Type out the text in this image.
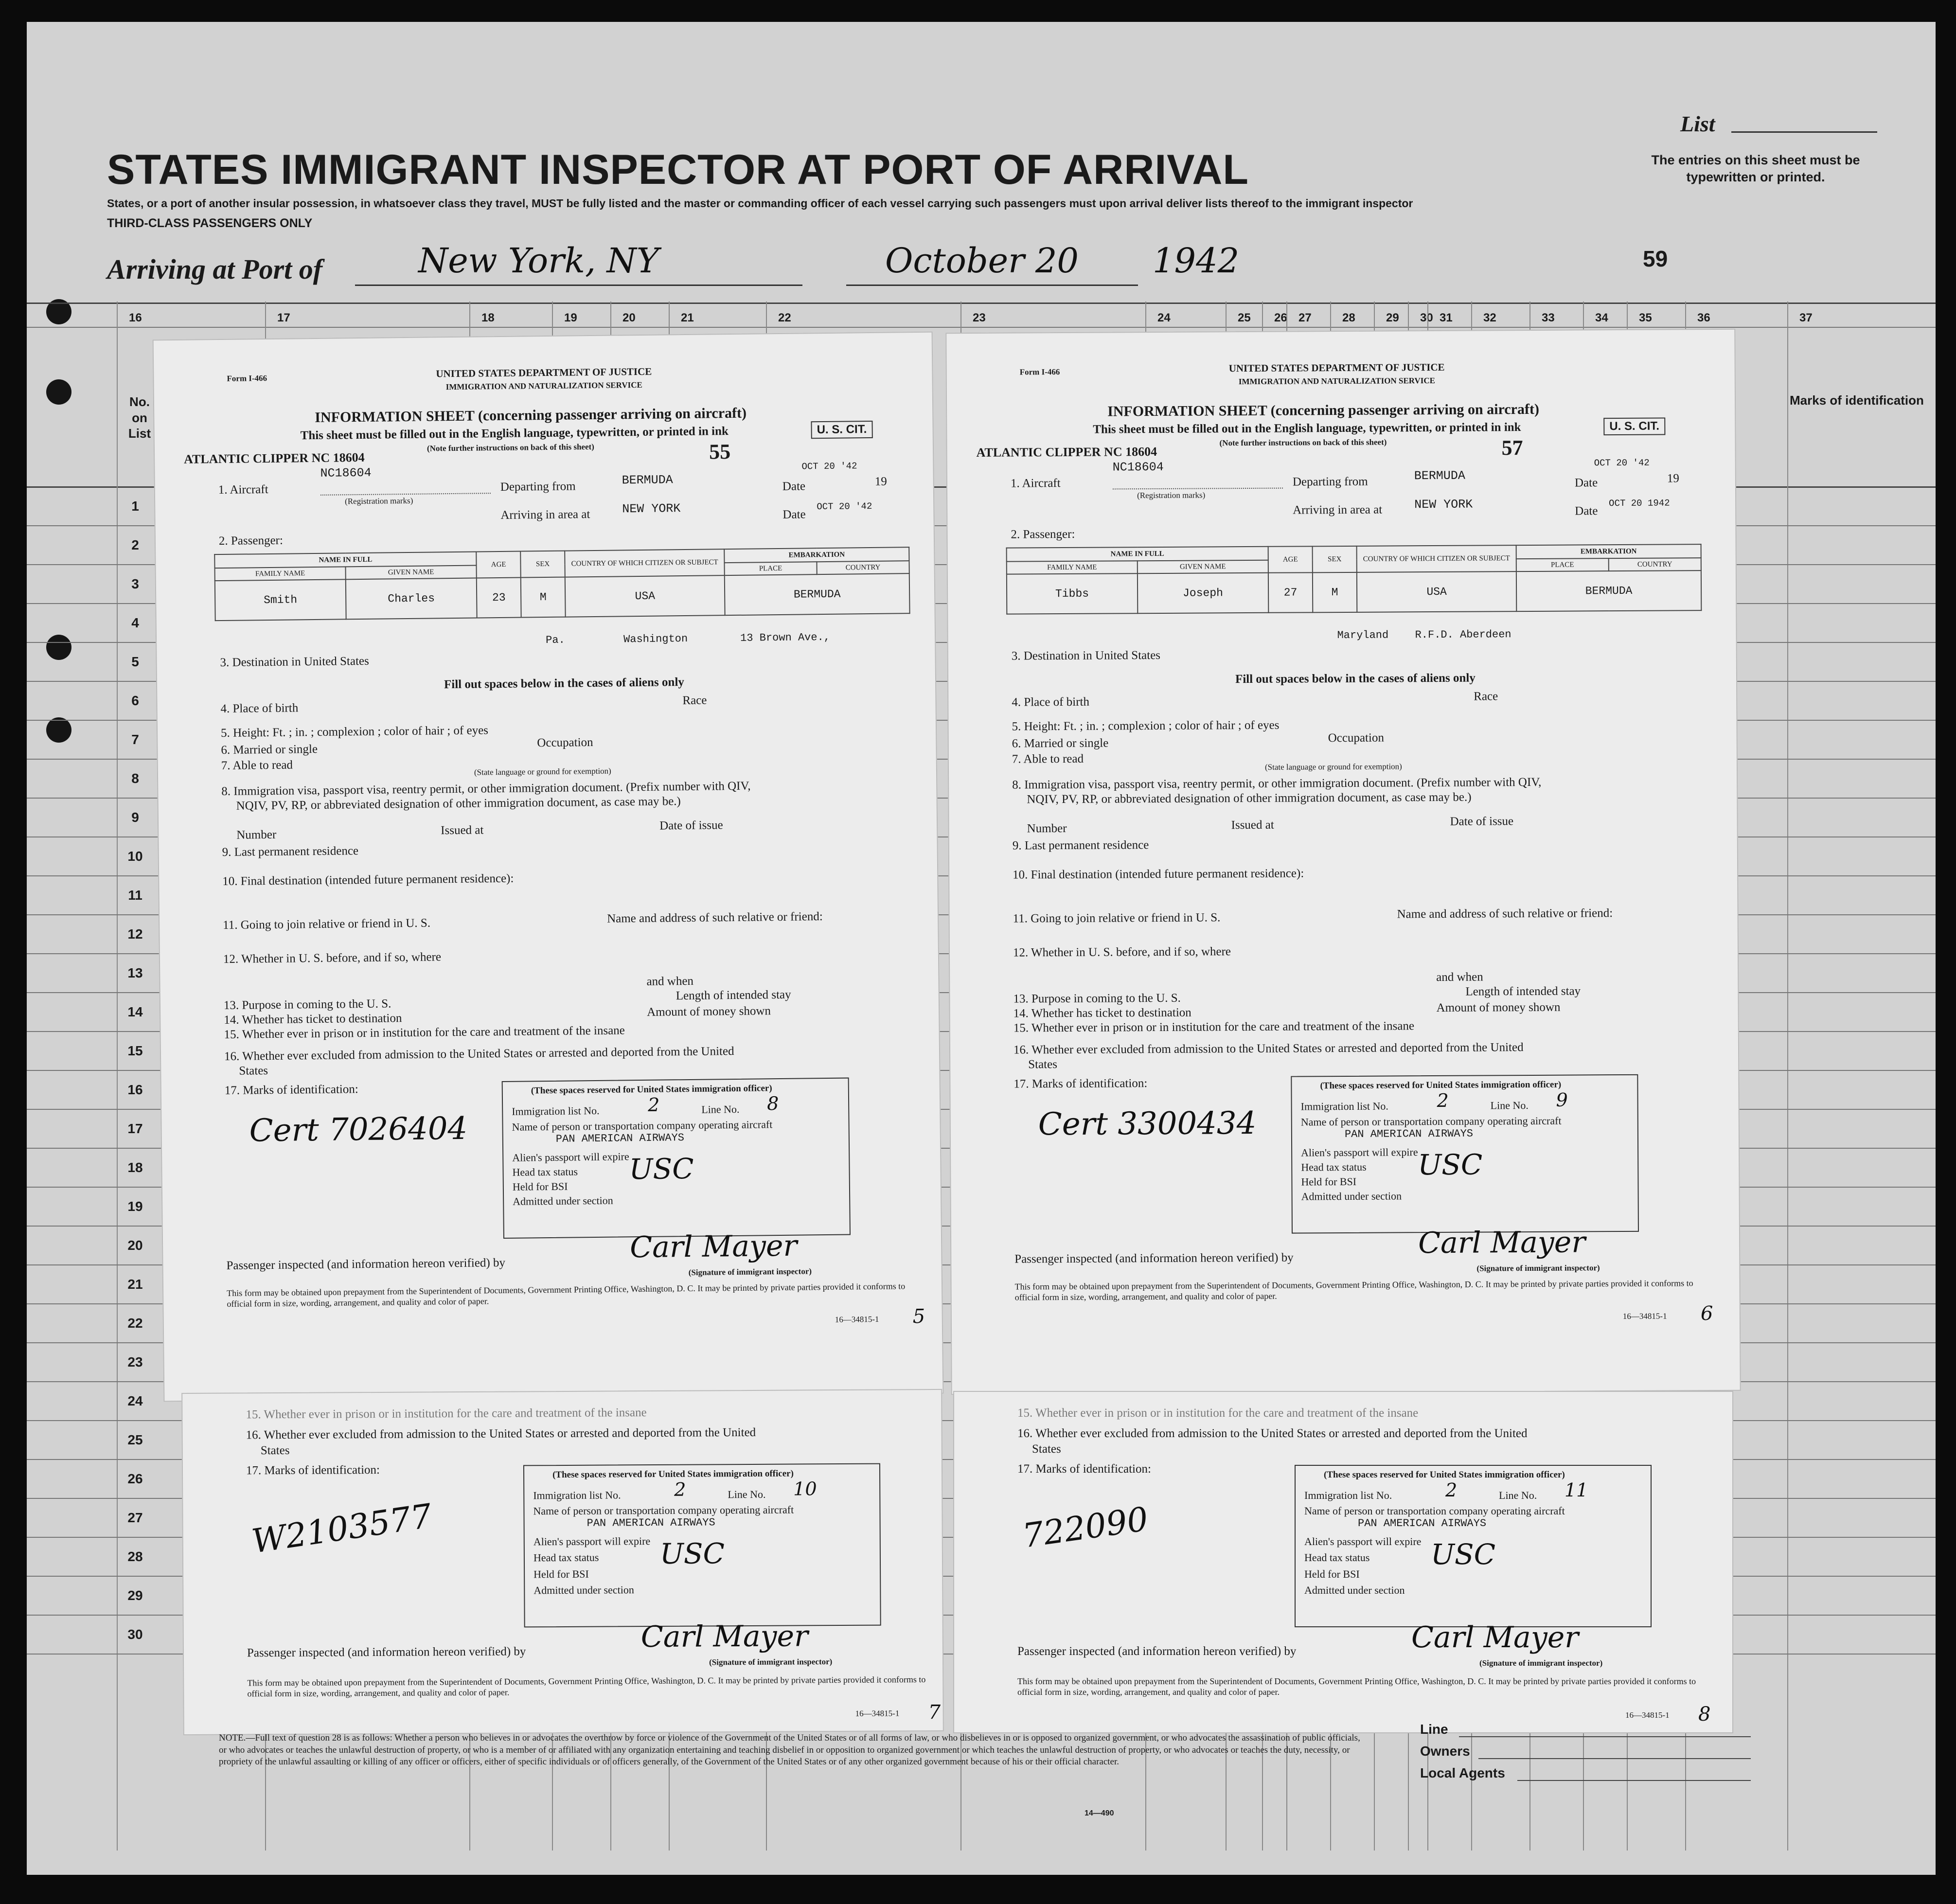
STATES IMMIGRANT INSPECTOR AT PORT OF ARRIVAL
States, or a port of another insular possession, in whatsoever class they travel, MUST be fully listed and the master or commanding officer of each vessel carrying such passengers must upon arrival deliver lists thereof to the immigrant inspector
THIRD-CLASS PASSENGERS ONLY
List
The entries on this sheet must be typewritten or printed.
Arriving at Port of	New York, NY	October 20 1942	59
16	17	18	19	20	21	22	23	24	25 26 27	28	29 30 31	32	33	34	35	36	37
1
2
3
4
5
6
7
8
9
10
11
12
13
14
15
16
17
18
19
20
21
22
23
24
25
26
27
28
29
30
No.
on
List
Marks of identification
Form I-466	UNITED STATES DEPARTMENT OF JUSTICE
IMMIGRATION AND NATURALIZATION SERVICE
INFORMATION SHEET (concerning passenger arriving on aircraft)
This sheet must be filled out in the English language, typewritten, or printed in ink	U. S. CIT.
(Note further instructions on back of this sheet)
ATLANTIC CLIPPER NC 18604	55
NC18604	OCT 20 '42
1. Aircraft
(Registration marks)
Departing from	BERMUDA	Date	19
Arriving in area at	NEW YORK	Date
OCT 20 '42
2. Passenger:
NAME IN FULL		AGE	SEX	COUNTRY OF WHICH CITIZEN OR SUBJECT	EMBARKATION	
FAMILY NAME	GIVEN NAME				PLACE	COUNTRY
Smith	Charles	23	M	USA	BERMUDA	
Pa.	Washington	13 Brown Ave.,
3. Destination in United States
Fill out spaces below in the cases of aliens only
4. Place of birth
Race
5. Height: Ft. ; in. ; complexion ; color of hair ; of eyes
6. Married or single	Occupation
7. Able to read	(State language or ground for exemption)
8. Immigration visa, passport visa, reentry permit, or other immigration document. (Prefix number with QIV,
NQIV, PV, RP, or abbreviated designation of other immigration document, as case may be.)
Number	Issued at	Date of issue
9. Last permanent residence
10. Final destination (intended future permanent residence):
11. Going to join relative or friend in U. S.	Name and address of such relative or friend:
12. Whether in U. S. before, and if so, where
and when
13. Purpose in coming to the U. S.
Length of intended stay
14. Whether has ticket to destination
Amount of money shown
15. Whether ever in prison or in institution for the care and treatment of the insane
16. Whether ever excluded from admission to the United States or arrested and deported from the United
States
17. Marks of identification:
Cert 7026404
(These spaces reserved for United States immigration officer)
Immigration list No.	2	Line No. 8
Name of person or transportation company operating aircraft
PAN AMERICAN AIRWAYS
Alien's passport will expire
Head tax status USC
Held for BSI
Admitted under section
Passenger inspected (and information hereon verified) by	Carl Mayer
(Signature of immigrant inspector)
This form may be obtained upon prepayment from the Superintendent of Documents, Government Printing Office, Washington, D. C. It may be printed by private parties provided it conforms to official form in size, wording, arrangement, and quality and color of paper.
16—34815-1 5
Form I-466	UNITED STATES DEPARTMENT OF JUSTICE
IMMIGRATION AND NATURALIZATION SERVICE
INFORMATION SHEET (concerning passenger arriving on aircraft)
This sheet must be filled out in the English language, typewritten, or printed in ink	U. S. CIT.
(Note further instructions on back of this sheet)
ATLANTIC CLIPPER NC 18604	57
NC18604	OCT 20 '42
1. Aircraft
(Registration marks)
Departing from	BERMUDA	Date	19
Arriving in area at	NEW YORK	Date
OCT 20 1942
2. Passenger:
NAME IN FULL		AGE	SEX	COUNTRY OF WHICH CITIZEN OR SUBJECT	EMBARKATION	
FAMILY NAME	GIVEN NAME				PLACE	COUNTRY
Tibbs	Joseph	27	M	USA	BERMUDA	
Maryland R.F.D. Aberdeen
3. Destination in United States
Fill out spaces below in the cases of aliens only
4. Place of birth	Race
5. Height: Ft. ; in. ; complexion ; color of hair ; of eyes
6. Married or single	Occupation
7. Able to read
(State language or ground for exemption)
8. Immigration visa, passport visa, reentry permit, or other immigration document. (Prefix number with QIV,
NQIV, PV, RP, or abbreviated designation of other immigration document, as case may be.)
Number	Issued at	Date of issue
9. Last permanent residence
10. Final destination (intended future permanent residence):
11. Going to join relative or friend in U. S.	Name and address of such relative or friend:
12. Whether in U. S. before, and if so, where
and when
13. Purpose in coming to the U. S.
Length of intended stay
14. Whether has ticket to destination	Amount of money shown
15. Whether ever in prison or in institution for the care and treatment of the insane
16. Whether ever excluded from admission to the United States or arrested and deported from the United
States
17. Marks of identification:
Cert 3300434
(These spaces reserved for United States immigration officer)
Immigration list No.	2	Line No. 9
Name of person or transportation company operating aircraft
PAN AMERICAN AIRWAYS
Alien's passport will expire
Head tax status USC
Held for BSI
Admitted under section
Passenger inspected (and information hereon verified) by	Carl Mayer
(Signature of immigrant inspector)
This form may be obtained upon prepayment from the Superintendent of Documents, Government Printing Office, Washington, D. C. It may be printed by private parties provided it conforms to official form in size, wording, arrangement, and quality and color of paper.
16—34815-1 6
15. Whether ever in prison or in institution for the care and treatment of the insane
16. Whether ever excluded from admission to the United States or arrested and deported from the United
States
17. Marks of identification:
W2103577
(These spaces reserved for United States immigration officer)
Immigration list No.	2	Line No. 10
Name of person or transportation company operating aircraft
PAN AMERICAN AIRWAYS
Alien's passport will expire
Head tax status USC
Held for BSI
Admitted under section
Passenger inspected (and information hereon verified) by	Carl Mayer
(Signature of immigrant inspector)
This form may be obtained upon prepayment from the Superintendent of Documents, Government Printing Office, Washington, D. C. It may be printed by private parties provided it conforms to official form in size, wording, arrangement, and quality and color of paper.
16—34815-1 7
15. Whether ever in prison or in institution for the care and treatment of the insane
16. Whether ever excluded from admission to the United States or arrested and deported from the United
States
17. Marks of identification:
722090
(These spaces reserved for United States immigration officer)
Immigration list No.	2	Line No. 11
Name of person or transportation company operating aircraft
PAN AMERICAN AIRWAYS
Alien's passport will expire
Head tax status USC
Held for BSI
Admitted under section
Passenger inspected (and information hereon verified) by	Carl Mayer
(Signature of immigrant inspector)
This form may be obtained upon prepayment from the Superintendent of Documents, Government Printing Office, Washington, D. C. It may be printed by private parties provided it conforms to official form in size, wording, arrangement, and quality and color of paper.
16—34815-1 8
NOTE.—Full text of question 28 is as follows: Whether a person who believes in or advocates the overthrow by force or violence of the Government of the United States or of all forms of law, or who disbelieves in or is opposed to organized government, or who advocates the assassination of public officials, or who advocates or teaches the unlawful destruction of property, or who is a member of or affiliated with any organization entertaining and teaching disbelief in or opposition to organized government or which teaches the unlawful destruction of property, or who advocates or teaches the duty, necessity, or propriety of the unlawful assaulting or killing of any officer or officers, either of specific individuals or of officers generally, of the Government of the United States or of any other organized government because of his or their official character.
14—490
Line
Owners
Local Agents
